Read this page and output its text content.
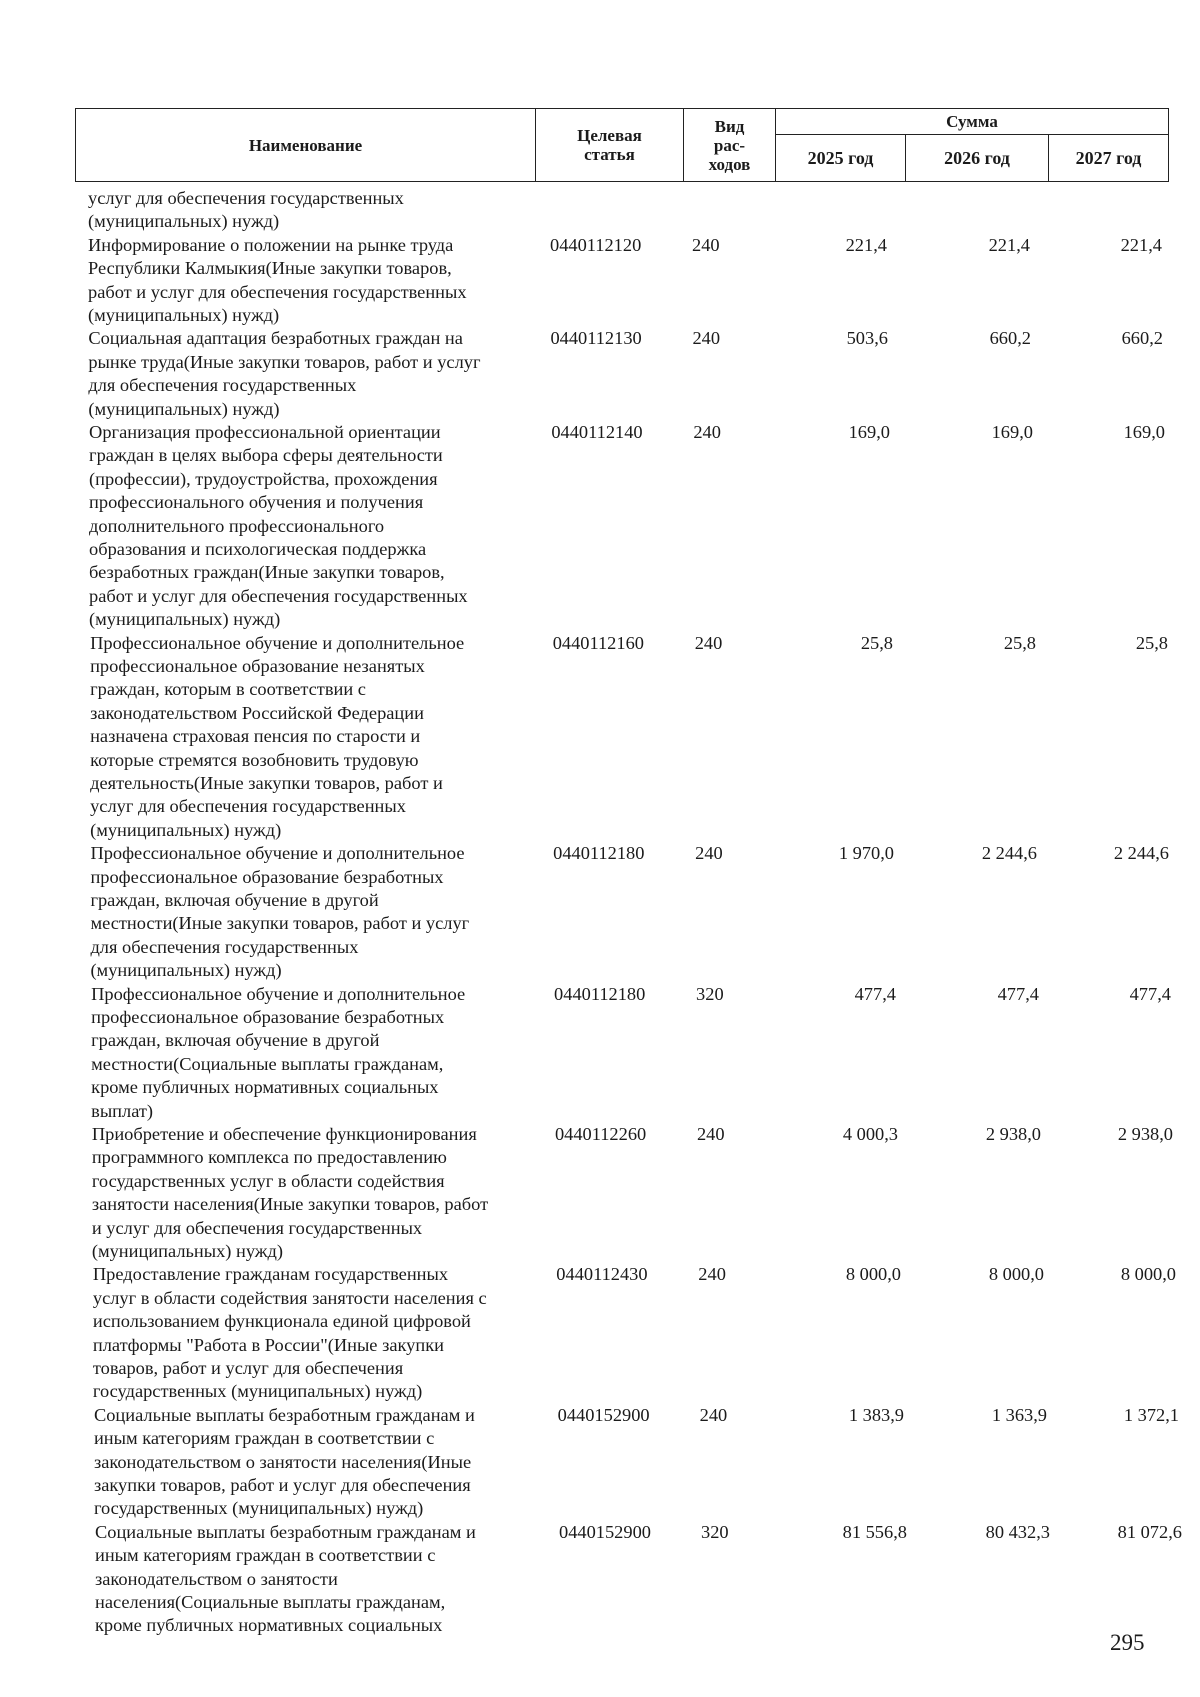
Наименование	Целевая статья	Вид рас- ходов	Сумма		
			2025 год	2026 год	2027 год
услуг для обеспечения государственных
(муниципальных) нужд)
Информирование о положении на рынке труда
Республики Калмыкия(Иные закупки товаров,
работ и услуг для обеспечения государственных
(муниципальных) нужд)
0440112120	240	221,4	221,4	221,4
Социальная адаптация безработных граждан на
рынке труда(Иные закупки товаров, работ и услуг
для обеспечения государственных
(муниципальных) нужд)
0440112130	240	503,6	660,2	660,2
Организация профессиональной ориентации
граждан в целях выбора сферы деятельности
(профессии), трудоустройства, прохождения
профессионального обучения и получения
дополнительного профессионального
образования и психологическая поддержка
безработных граждан(Иные закупки товаров,
работ и услуг для обеспечения государственных
(муниципальных) нужд)
0440112140	240	169,0	169,0	169,0
Профессиональное обучение и дополнительное
профессиональное образование незанятых
граждан, которым в соответствии с
законодательством Российской Федерации
назначена страховая пенсия по старости и
которые стремятся возобновить трудовую
деятельность(Иные закупки товаров, работ и
услуг для обеспечения государственных
(муниципальных) нужд)
0440112160	240	25,8	25,8	25,8
Профессиональное обучение и дополнительное
профессиональное образование безработных
граждан, включая обучение в другой
местности(Иные закупки товаров, работ и услуг
для обеспечения государственных
(муниципальных) нужд)
0440112180	240	1 970,0	2 244,6	2 244,6
Профессиональное обучение и дополнительное
профессиональное образование безработных
граждан, включая обучение в другой
местности(Социальные выплаты гражданам,
кроме публичных нормативных социальных
выплат)
0440112180	320	477,4	477,4	477,4
Приобретение и обеспечение функционирования
программного комплекса по предоставлению
государственных услуг в области содействия
занятости населения(Иные закупки товаров, работ
и услуг для обеспечения государственных
(муниципальных) нужд)
0440112260	240	4 000,3	2 938,0	2 938,0
Предоставление гражданам государственных
услуг в области содействия занятости населения с
использованием функционала единой цифровой
платформы "Работа в России"(Иные закупки
товаров, работ и услуг для обеспечения
государственных (муниципальных) нужд)
0440112430	240	8 000,0	8 000,0	8 000,0
Социальные выплаты безработным гражданам и
иным категориям граждан в соответствии с
законодательством о занятости населения(Иные
закупки товаров, работ и услуг для обеспечения
государственных (муниципальных) нужд)
0440152900	240	1 383,9	1 363,9	1 372,1
Социальные выплаты безработным гражданам и
иным категориям граждан в соответствии с
законодательством о занятости
населения(Социальные выплаты гражданам,
кроме публичных нормативных социальных
0440152900	320	81 556,8	80 432,3	81 072,6
295
